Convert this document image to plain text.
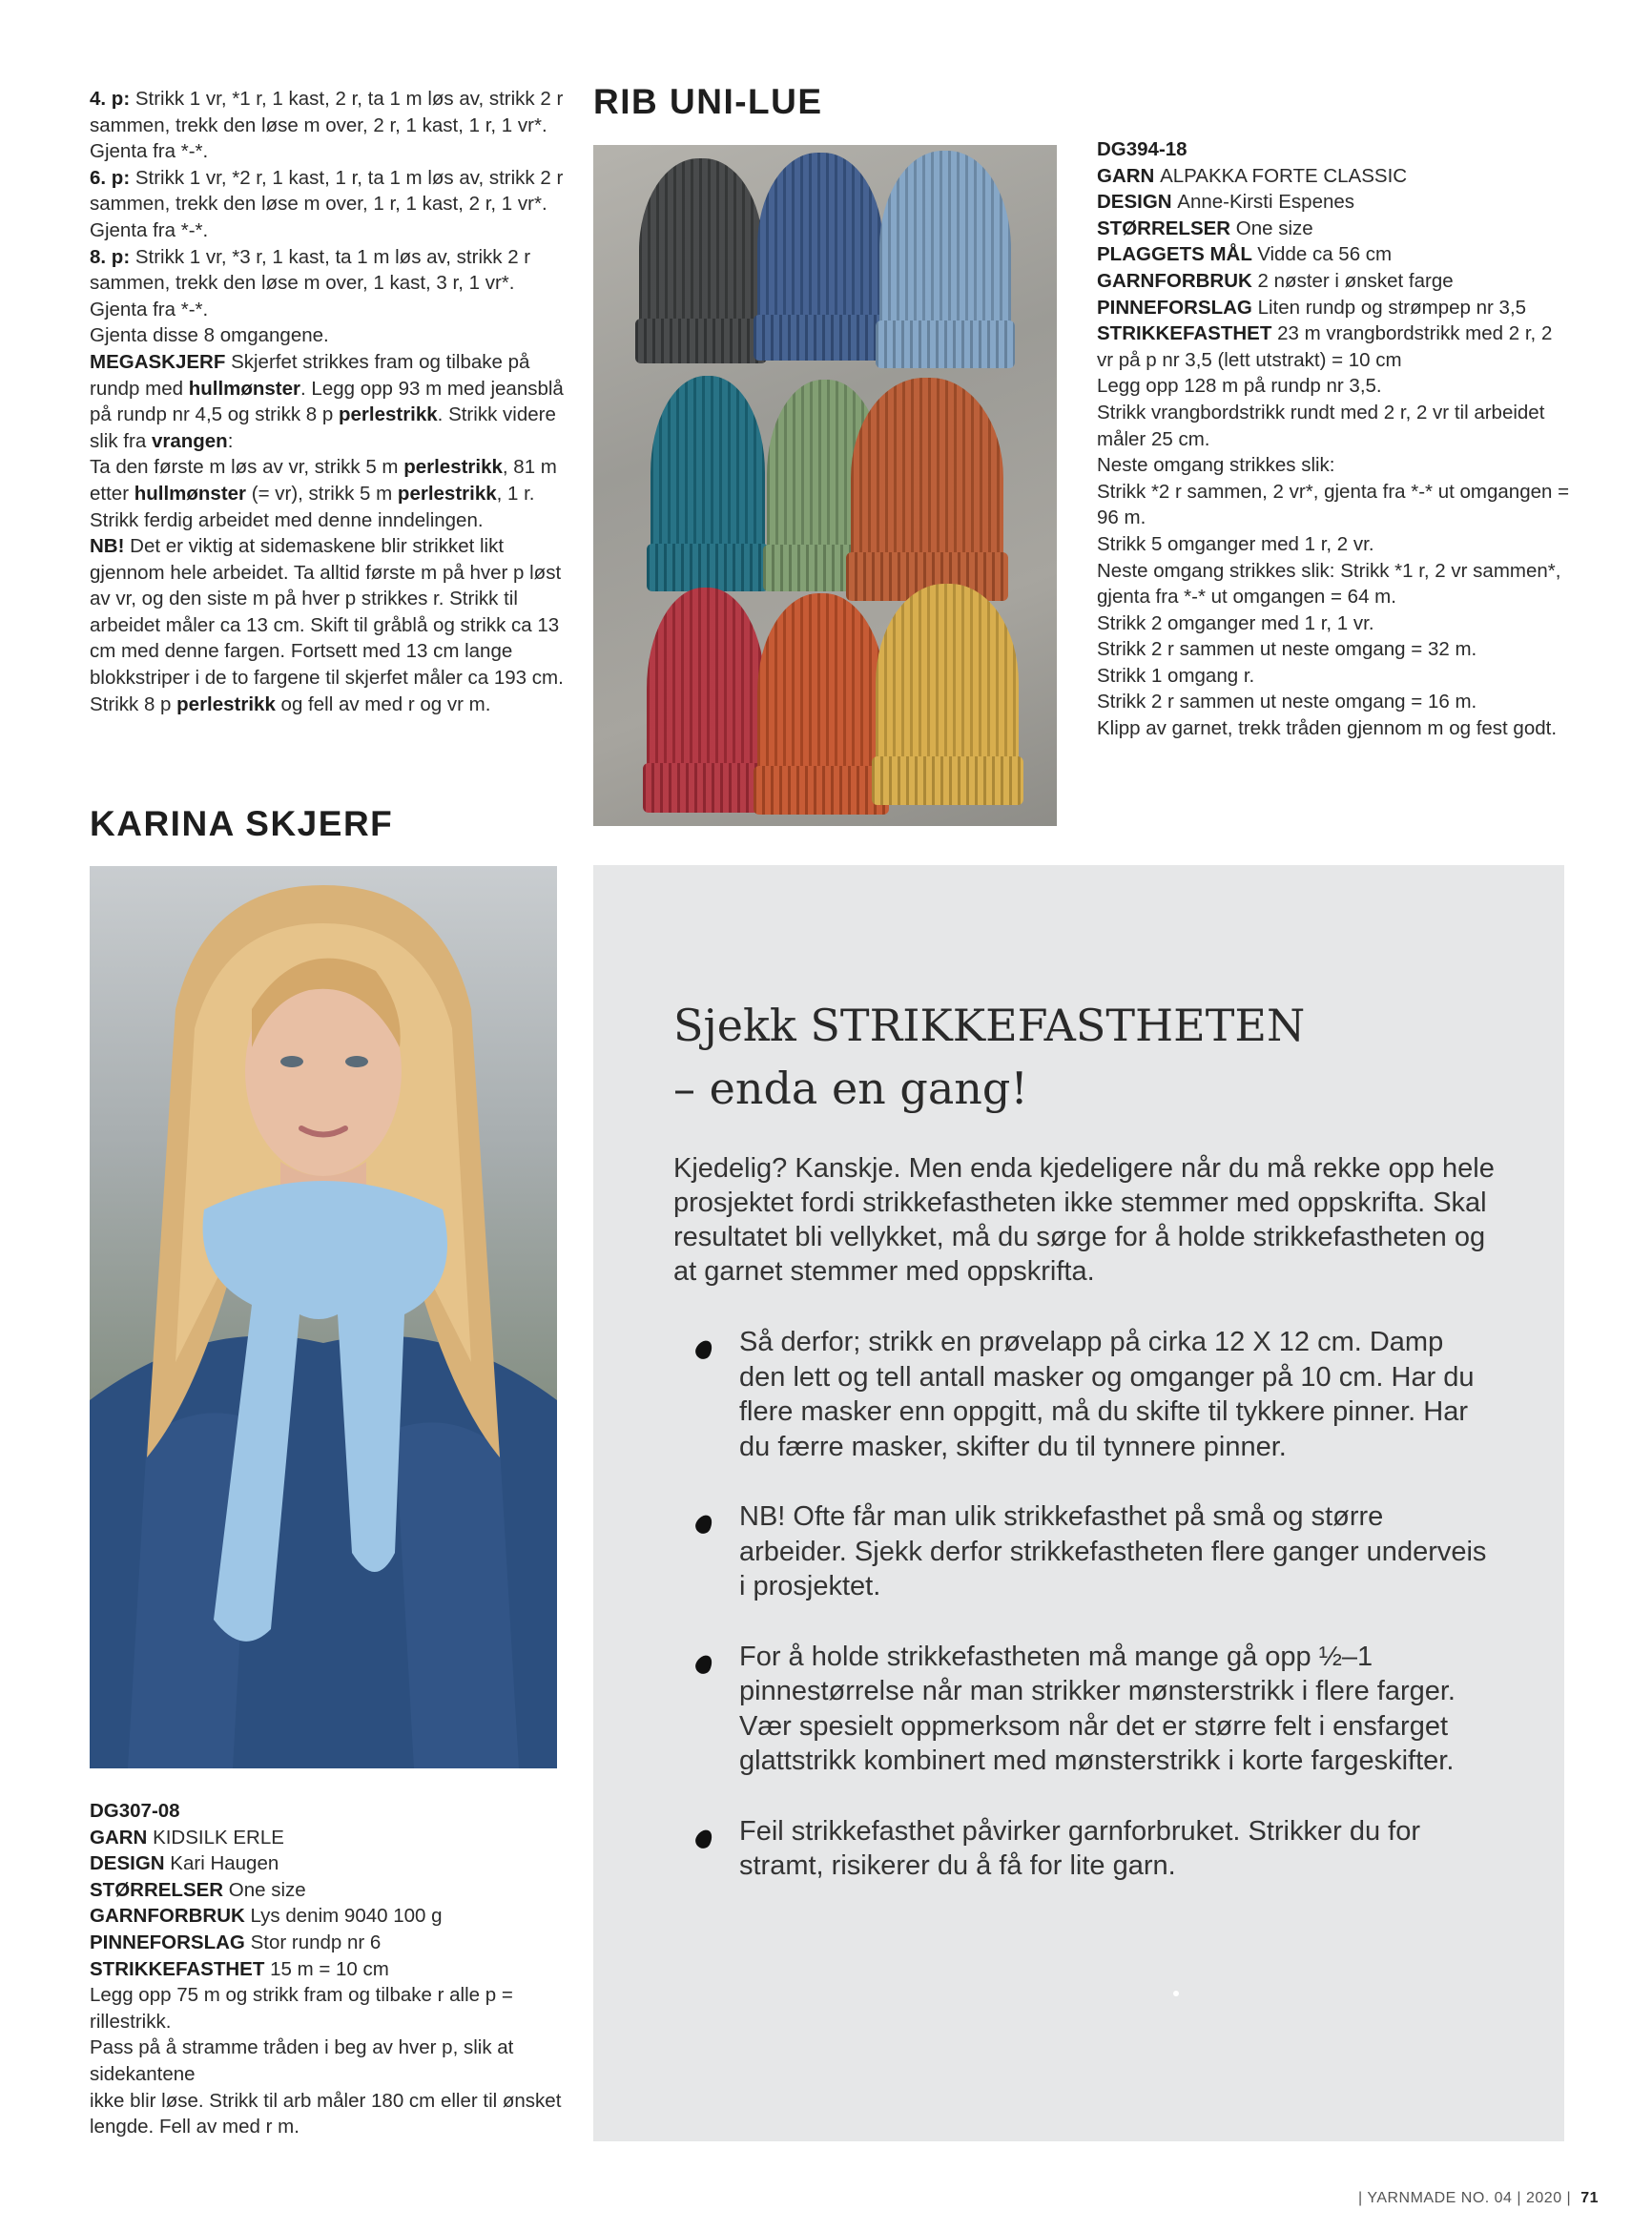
4. p: Strikk 1 vr, *1 r, 1 kast, 2 r, ta 1 m løs av, strikk 2 r sammen, trekk den løse m over, 2 r, 1 kast, 1 r, 1 vr*. Gjenta fra *-*.

6. p: Strikk 1 vr, *2 r, 1 kast, 1 r, ta 1 m løs av, strikk 2 r sammen, trekk den løse m over, 1 r, 1 kast, 2 r, 1 vr*. Gjenta fra *-*.

8. p: Strikk 1 vr, *3 r, 1 kast, ta 1 m løs av, strikk 2 r sammen, trekk den løse m over, 1 kast, 3 r, 1 vr*. Gjenta fra *-*.

Gjenta disse 8 omgangene.

MEGASKJERF Skjerfet strikkes fram og tilbake på rundp med hullmønster. Legg opp 93 m med jeansblå på rundp nr 4,5 og strikk 8 p perlestrikk. Strikk videre slik fra vrangen:

Ta den første m løs av vr, strikk 5 m perlestrikk, 81 m etter hullmønster (= vr), strikk 5 m perlestrikk, 1 r. Strikk ferdig arbeidet med denne inndelingen.

NB! Det er viktig at sidemaskene blir strikket likt gjennom hele arbeidet. Ta alltid første m på hver p løst av vr, og den siste m på hver p strikkes r. Strikk til arbeidet måler ca 13 cm. Skift til gråblå og strikk ca 13 cm med denne fargen. Fortsett med 13 cm lange blokkstriper i de to fargene til skjerfet måler ca 193 cm.

Strikk 8 p perlestrikk og fell av med r og vr m.

RIB UNI-LUE

DG394-18

GARN ALPAKKA FORTE CLASSIC

DESIGN Anne-Kirsti Espenes

STØRRELSER One size

PLAGGETS MÅL Vidde ca 56 cm

GARNFORBRUK 2 nøster i ønsket farge

PINNEFORSLAG Liten rundp og strømpep nr 3,5

STRIKKEFASTHET 23 m vrangbordstrikk med 2 r, 2 vr på p nr 3,5 (lett utstrakt) = 10 cm

Legg opp 128 m på rundp nr 3,5.

Strikk vrangbordstrikk rundt med 2 r, 2 vr til arbeidet måler 25 cm.

Neste omgang strikkes slik:

Strikk *2 r sammen, 2 vr*, gjenta fra *-* ut omgangen = 96 m.

Strikk 5 omganger med 1 r, 2 vr.

Neste omgang strikkes slik: Strikk *1 r, 2 vr sammen*, gjenta fra *-* ut omgangen = 64 m.

Strikk 2 omganger med 1 r, 1 vr.

Strikk 2 r sammen ut neste omgang = 32 m.

Strikk 1 omgang r.

Strikk 2 r sammen ut neste omgang = 16 m.

Klipp av garnet, trekk tråden gjennom m og fest godt.

KARINA SKJERF

DG307-08

GARN KIDSILK ERLE

DESIGN Kari Haugen

STØRRELSER One size

GARNFORBRUK Lys denim 9040 100 g

PINNEFORSLAG Stor rundp nr 6

STRIKKEFASTHET 15 m = 10 cm

Legg opp 75 m og strikk fram og tilbake r alle p = rillestrikk.

Pass på å stramme tråden i beg av hver p, slik at sidekantene

ikke blir løse. Strikk til arb måler 180 cm eller til ønsket lengde. Fell av med r m.

Sjekk STRIKKEFASTHETEN
– enda en gang!

Kjedelig? Kanskje. Men enda kjedeligere når du må rekke opp hele prosjektet fordi strikkefastheten ikke stemmer med oppskrifta. Skal resultatet bli vellykket, må du sørge for å holde strikkefastheten og at garnet stemmer med oppskrifta.

Så derfor; strikk en prøvelapp på cirka 12 X 12 cm. Damp den lett og tell antall masker og omganger på 10 cm. Har du flere masker enn oppgitt, må du skifte til tykkere pinner. Har du færre masker, skifter du til tynnere pinner.
NB! Ofte får man ulik strikkefasthet på små og større arbeider. Sjekk derfor strikkefastheten flere ganger underveis i prosjektet.
For å holde strikkefastheten må mange gå opp ½–1 pinnestørrelse når man strikker mønsterstrikk i flere farger. Vær spesielt oppmerksom når det er større felt i ensfarget glattstrikk kombinert med mønsterstrikk i korte fargeskifter.
Feil strikkefasthet påvirker garnforbruket. Strikker du for stramt, risikerer du å få for lite garn.
| YARNMADE NO. 04 | 2020 | 71
